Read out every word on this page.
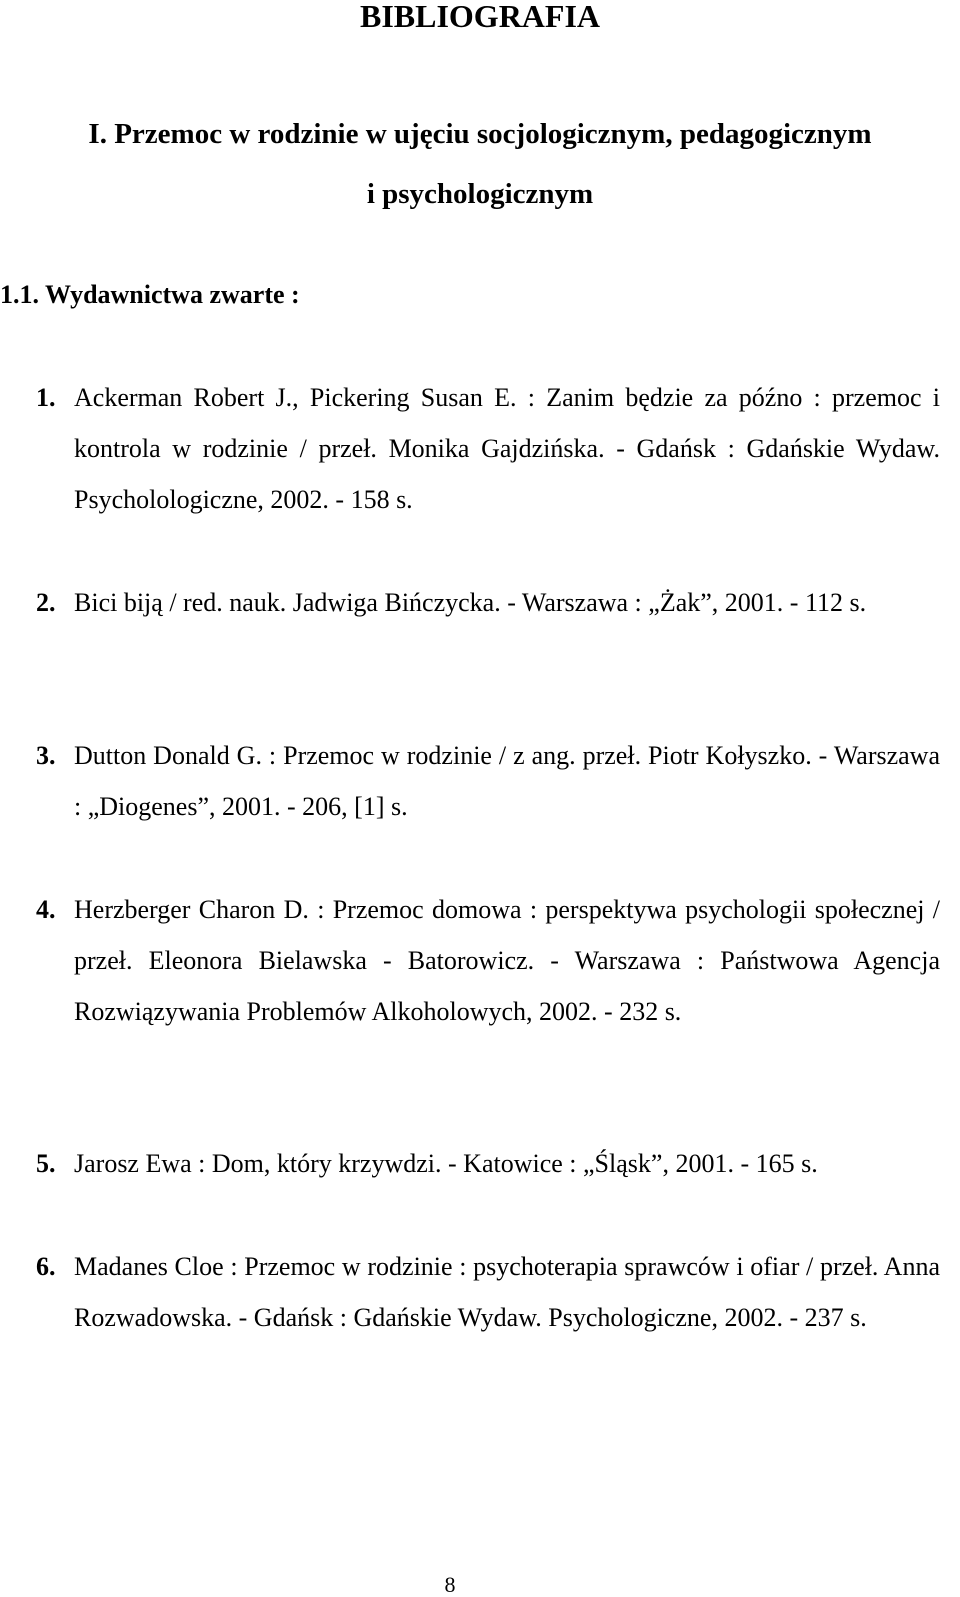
BIBLIOGRAFIA
I. Przemoc w rodzinie w ujęciu socjologicznym, pedagogicznym
i psychologicznym
1.1. Wydawnictwa zwarte :
1. Ackerman Robert J., Pickering Susan E. : Zanim będzie za późno : przemoc i kontrola w rodzinie / przeł. Monika Gajdzińska. - Gdańsk : Gdańskie Wydaw. Psycholologiczne, 2002. - 158 s.
2. Bici biją / red. nauk. Jadwiga Bińczycka. - Warszawa : „Żak”, 2001. - 112 s.
3. Dutton Donald G. : Przemoc w rodzinie / z ang. przeł. Piotr Kołyszko. - Warszawa : „Diogenes”, 2001. - 206, [1] s.
4. Herzberger Charon D. : Przemoc domowa : perspektywa psychologii społecznej / przeł. Eleonora Bielawska - Batorowicz. - Warszawa : Państwowa Agencja Rozwiązywania Problemów Alkoholowych, 2002. - 232 s.
5. Jarosz Ewa : Dom, który krzywdzi. - Katowice : „Śląsk”, 2001. - 165 s.
6. Madanes Cloe : Przemoc w rodzinie : psychoterapia sprawców i ofiar / przeł. Anna Rozwadowska. - Gdańsk : Gdańskie Wydaw. Psychologiczne, 2002. - 237 s.
8
